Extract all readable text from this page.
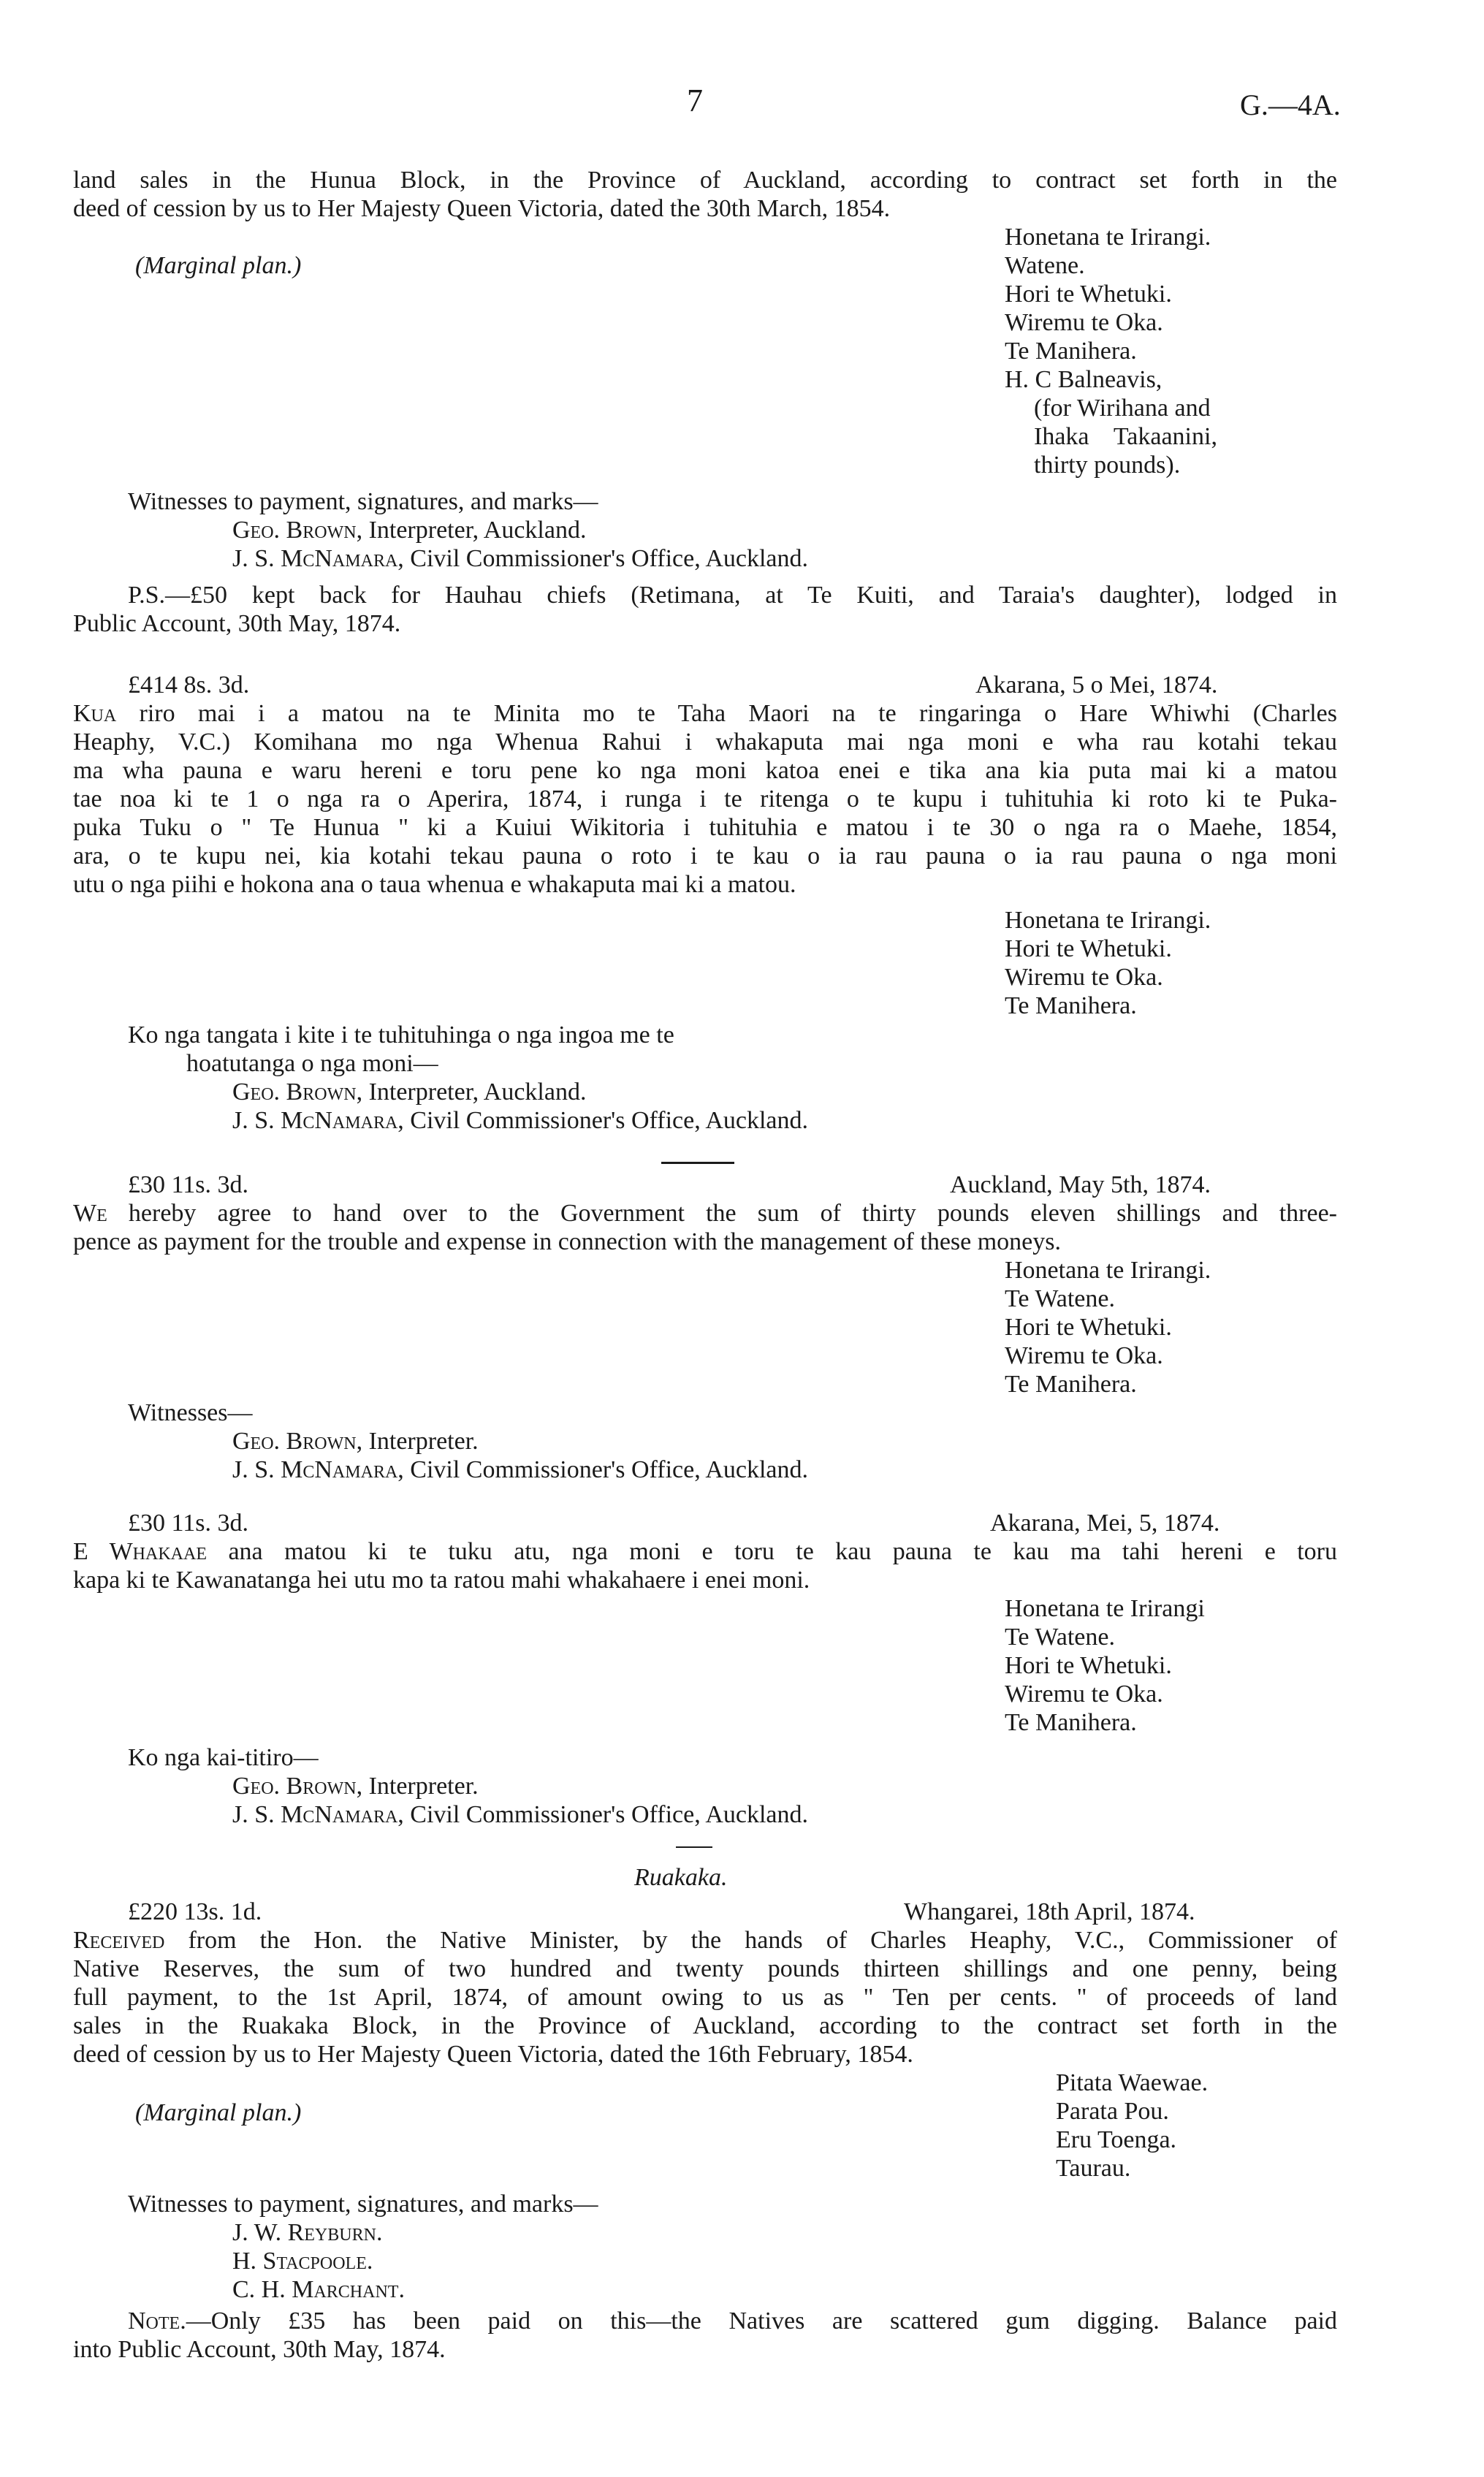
7	G.—4A.
land sales in the Hunua Block, in the Province of Auckland, according to contract set forth in the
deed of cession by us to Her Majesty Queen Victoria, dated the 30th March, 1854.
(Marginal plan.)
Honetana te Irirangi.
Watene.
Hori te Whetuki.
Wiremu te Oka.
Te Manihera.
H. C Balneavis,
(for Wirihana and
Ihaka    Takaanini,
thirty pounds).
Witnesses to payment, signatures, and marks—
Geo. Brown, Interpreter, Auckland.
J. S. McNamara, Civil Commissioner's Office, Auckland.
P.S.—£50 kept back for Hauhau chiefs (Retimana, at Te Kuiti, and Taraia's daughter), lodged in
Public Account, 30th May, 1874.
£414 8s. 3d.	Akarana, 5 o Mei, 1874.
Kua riro mai i a matou na te Minita mo te Taha Maori na te ringaringa o Hare Whiwhi (Charles
Heaphy, V.C.) Komihana mo nga Whenua Rahui i whakaputa mai nga moni e wha rau kotahi tekau
ma wha pauna e waru hereni e toru pene ko nga moni katoa enei e tika ana kia puta mai ki a matou
tae noa ki te 1 o nga ra o Aperira, 1874, i runga i te ritenga o te kupu i tuhituhia ki roto ki te Puka-
puka Tuku o " Te Hunua " ki a Kuiui Wikitoria i tuhituhia e matou i te 30 o nga ra o Maehe, 1854,
ara, o te kupu nei, kia kotahi tekau pauna o roto i te kau o ia rau pauna o ia rau pauna o nga moni
utu o nga piihi e hokona ana o taua whenua e whakaputa mai ki a matou.
Honetana te Irirangi.
Hori te Whetuki.
Wiremu te Oka.
Te Manihera.
Ko nga tangata i kite i te tuhituhinga o nga ingoa me te
hoatutanga o nga moni—
Geo. Brown, Interpreter, Auckland.
J. S. McNamara, Civil Commissioner's Office, Auckland.
£30 11s. 3d.	Auckland, May 5th, 1874.
We hereby agree to hand over to the Government the sum of thirty pounds eleven shillings and three-
pence as payment for the trouble and expense in connection with the management of these moneys.
Honetana te Irirangi.
Te Watene.
Hori te Whetuki.
Wiremu te Oka.
Te Manihera.
Witnesses—
Geo. Brown, Interpreter.
J. S. McNamara, Civil Commissioner's Office, Auckland.
£30 11s. 3d.	Akarana, Mei, 5, 1874.
E Whakaae ana matou ki te tuku atu, nga moni e toru te kau pauna te kau ma tahi hereni e toru
kapa ki te Kawanatanga hei utu mo ta ratou mahi whakahaere i enei moni.
Honetana te Irirangi
Te Watene.
Hori te Whetuki.
Wiremu te Oka.
Te Manihera.
Ko nga kai-titiro—
Geo. Brown, Interpreter.
J. S. McNamara, Civil Commissioner's Office, Auckland.
Ruakaka.
£220 13s. 1d.	Whangarei, 18th April, 1874.
Received from the Hon. the Native Minister, by the hands of Charles Heaphy, V.C., Commissioner of
Native Reserves, the sum of two hundred and twenty pounds thirteen shillings and one penny, being
full payment, to the 1st April, 1874, of amount owing to us as " Ten per cents. " of proceeds of land
sales in the Ruakaka Block, in the Province of Auckland, according to the contract set forth in the
deed of cession by us to Her Majesty Queen Victoria, dated the 16th February, 1854.
(Marginal plan.)
Pitata Waewae.
Parata Pou.
Eru Toenga.
Taurau.
Witnesses to payment, signatures, and marks—
J. W. Reyburn.
H. Stacpoole.
C. H. Marchant.
Note.—Only £35 has been paid on this—the Natives are scattered gum digging. Balance paid
into Public Account, 30th May, 1874.
